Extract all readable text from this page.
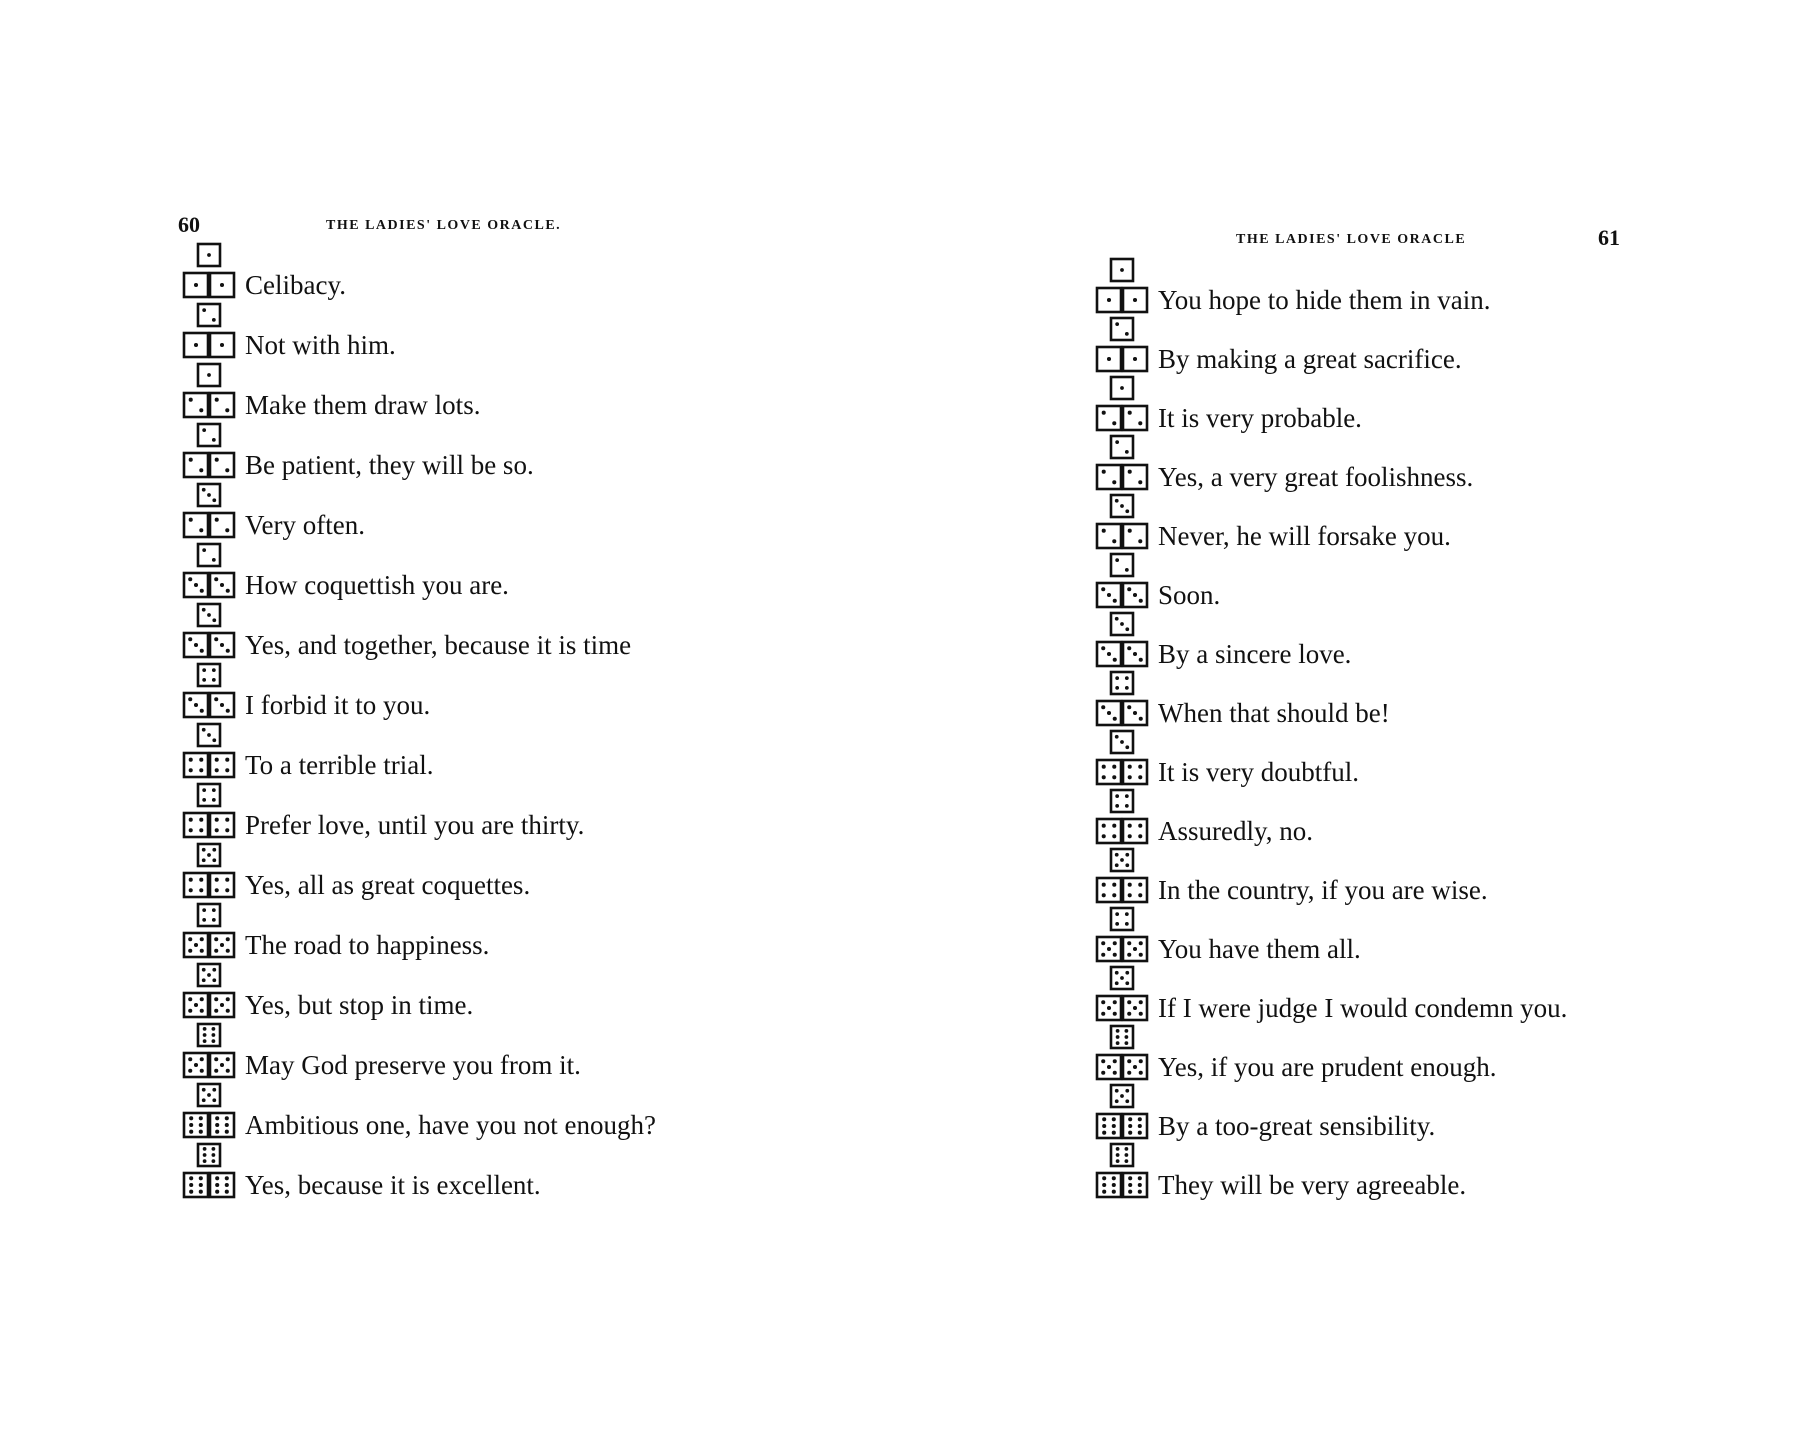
60	THE LADIES' LOVE ORACLE.
Celibacy.
Not with him.
Make them draw lots.
Be patient, they will be so.
Very often.
How coquettish you are.
Yes, and together, because it is time
I forbid it to you.
To a terrible trial.
Prefer love, until you are thirty.
Yes, all as great coquettes.
The road to happiness.
Yes, but stop in time.
May God preserve you from it.
Ambitious one, have you not enough?
Yes, because it is excellent.
61
THE LADIES' LOVE ORACLE
You hope to hide them in vain.
By making a great sacrifice.
It is very probable.
Yes, a very great foolishness.
Never, he will forsake you.
Soon.
By a sincere love.
When that should be!
It is very doubtful.
Assuredly, no.
In the country, if you are wise.
You have them all.
If I were judge I would condemn you.
Yes, if you are prudent enough.
By a too-great sensibility.
They will be very agreeable.
